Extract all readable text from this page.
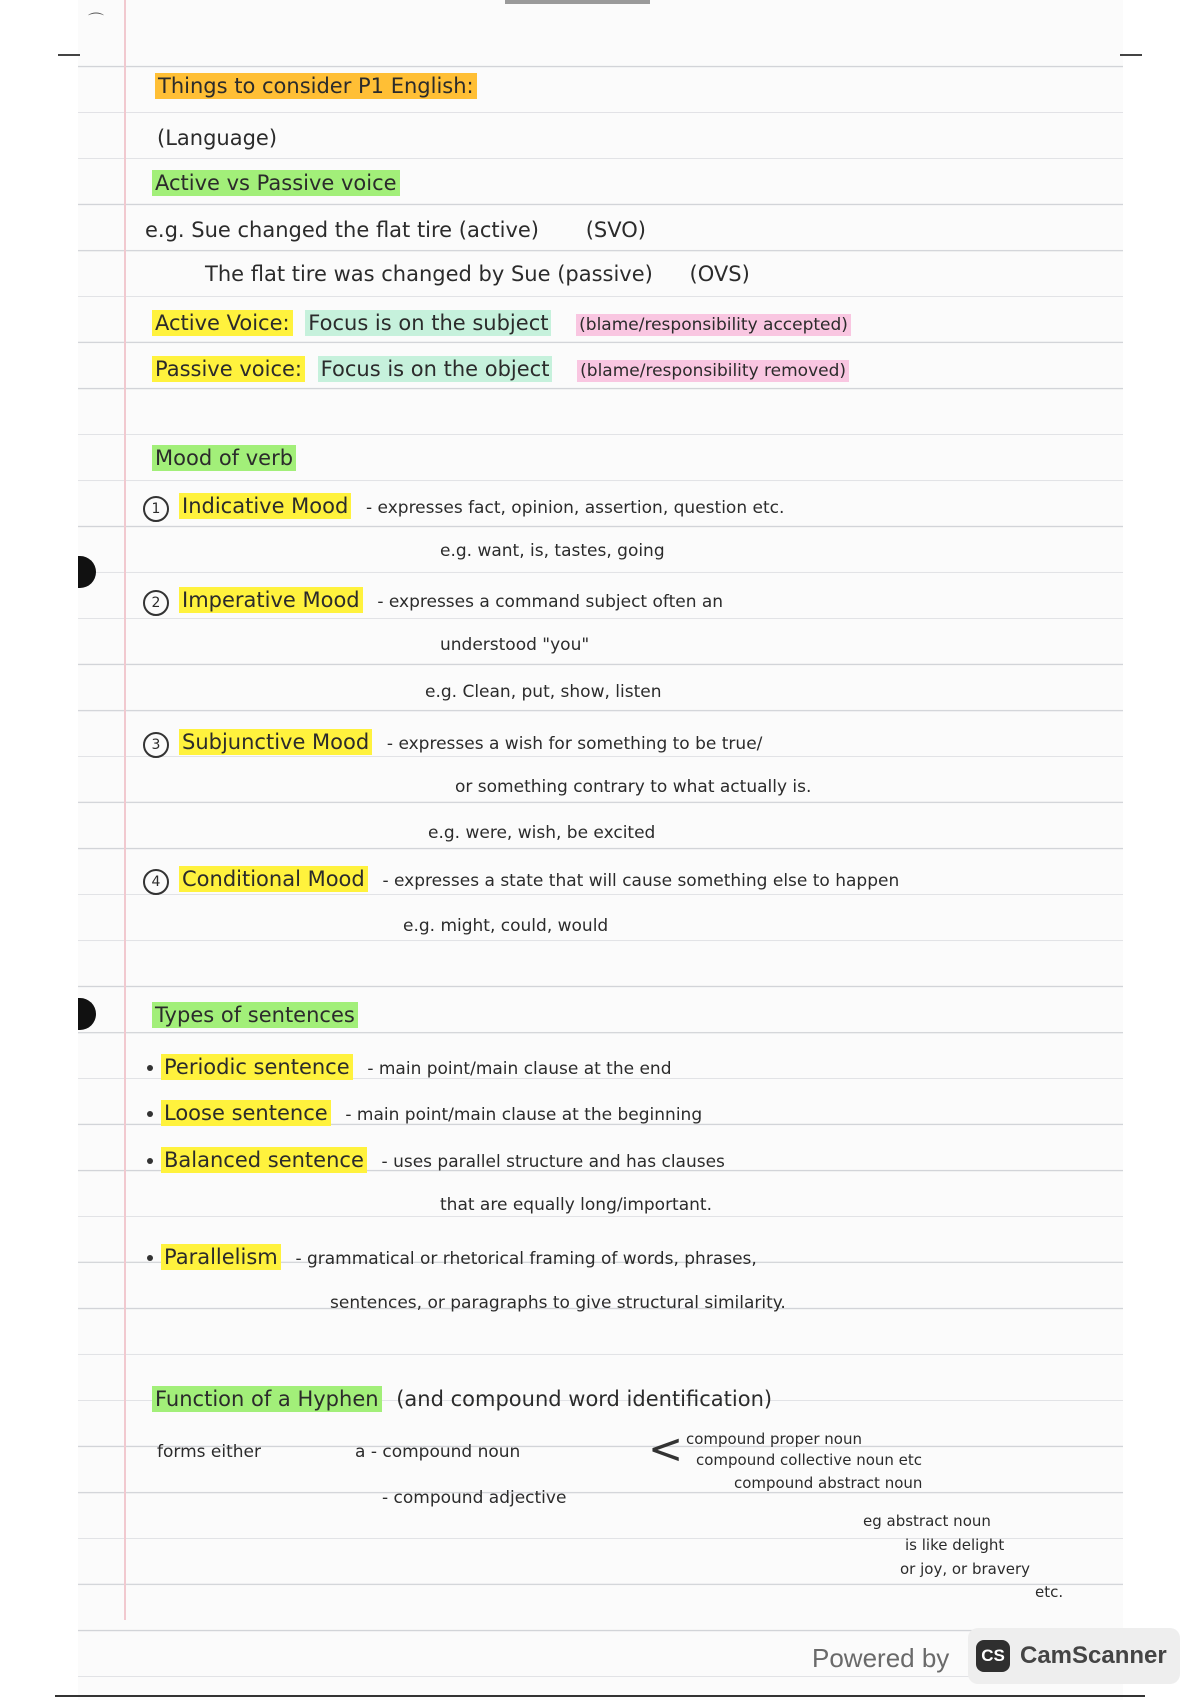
⌒
Things to consider P1 English:
(Language)
Active vs Passive voice
e.g. Sue changed the flat tire (active) (SVO)
The flat tire was changed by Sue (passive) (OVS)
Active Voice: Focus is on the subject (blame/responsibility accepted)
Passive voice: Focus is on the object (blame/responsibility removed)
Mood of verb
1 Indicative Mood - expresses fact, opinion, assertion, question etc.
e.g. want, is, tastes, going
2 Imperative Mood - expresses a command subject often an
understood "you"
e.g. Clean, put, show, listen
3 Subjunctive Mood - expresses a wish for something to be true/
or something contrary to what actually is.
e.g. were, wish, be excited
4 Conditional Mood - expresses a state that will cause something else to happen
e.g. might, could, would
Types of sentences
Periodic sentence - main point/main clause at the end
Loose sentence - main point/main clause at the beginning
Balanced sentence - uses parallel structure and has clauses
that are equally long/important.
Parallelism - grammatical or rhetorical framing of words, phrases,
sentences, or paragraphs to give structural similarity.
Function of a Hyphen (and compound word identification)
forms either	a - compound noun	< compound proper noun
compound collective noun etc
compound abstract noun
- compound adjective
eg abstract noun
is like delight
or joy, or bravery
etc.
Powered by	CS CamScanner
